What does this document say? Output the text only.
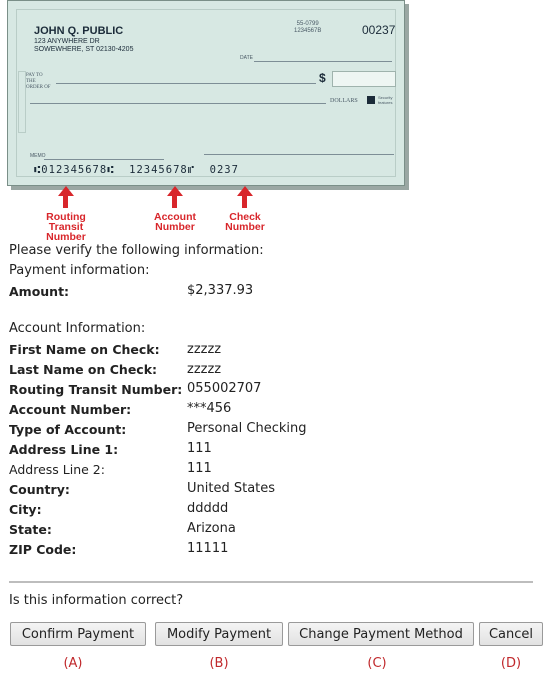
JOHN Q. PUBLIC
123 ANYWHERE DR
SOWEWHERE, ST 02130-4205
55-0799
1234567B	00237
DATE
PAY TO THE ORDER OF
$
DOLLARS
Security features
MEMO
⑆012345678⑆  12345678⑈  0237
Routing Transit
Number
Account
Number
Check
Number
Please verify the following information:
Payment information:
Amount:	$2,337.93
Account Information:
First Name on Check: zzzzz
Last Name on Check: zzzzz
Routing Transit Number: 055002707
Account Number:	***456
Type of Account:	Personal Checking
Address Line 1:	111
Address Line 2:	111
Country:	United States
City:	ddddd
State:	Arizona
ZIP Code:	11111
Is this information correct?
Confirm Payment	Modify Payment	Change Payment Method	Cancel
(A)	(B)	(C)	(D)
